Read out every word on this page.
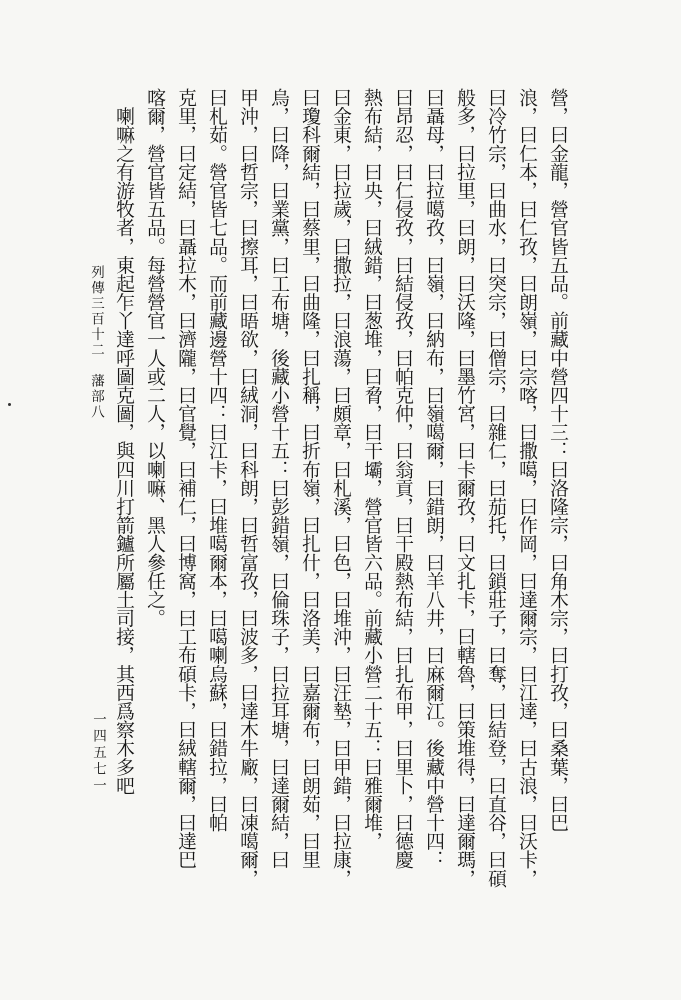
列傳三百十二　藩部八
一四五七一	營，曰金龍，營官皆五品。前藏中營四十三：曰洛隆宗，曰角木宗，曰打孜，曰桑葉，曰巴
浪，曰仁本，曰仁孜，曰朗嶺，曰宗喀，曰撒噶，曰作岡，曰達爾宗，曰江達，曰古浪，曰沃卡，
曰冷竹宗，曰曲水，曰突宗，曰僧宗，曰雜仁，曰茄托，曰鎖莊子，曰奪，曰結登，曰直谷，曰碩
般多，曰拉里，曰朗，曰沃隆，曰墨竹宮，曰卡爾孜，曰文扎卡，曰轄魯，曰策堆得，曰達爾瑪，
曰聶母，曰拉噶孜，曰嶺，曰納布，曰嶺噶爾，曰錯朗，曰羊八井，曰麻爾江。後藏中營十四：
曰昂忍，曰仁侵孜，曰結侵孜，曰帕克仲，曰翁貢，曰干殿熱布結，曰扎布甲，曰里卜，曰德慶
熱布結，曰央，曰絨錯，曰葱堆，曰脅，曰干壩，營官皆六品。前藏小營二十五：曰雅爾堆，
曰金東，曰拉歲，曰撒拉，曰浪蕩，曰頗章，曰札溪，曰色，曰堆沖，曰汪墊，曰甲錯，曰拉康，
曰瓊科爾結，曰蔡里，曰曲隆，曰扎稱，曰折布嶺，曰扎什，曰洛美，曰嘉爾布，曰朗茹，曰里
烏，曰降，曰業黨，曰工布塘，後藏小營十五：曰彭錯嶺，曰倫珠子，曰拉耳塘，曰達爾結，曰
甲沖，曰哲宗，曰擦耳，曰晤欲，曰絨洞，曰科朗，曰哲富孜，曰波多，曰達木牛廠，曰凍噶爾，
曰札茹。營官皆七品。而前藏邊營十四：曰江卡，曰堆噶爾本，曰噶喇烏蘇，曰錯拉，曰帕
克里，曰定結，曰聶拉木，曰濟隴，曰官覺，曰補仁，曰博窩，曰工布碩卡，曰絨轄爾，曰達巴
喀爾，營官皆五品。每營營官一人或二人，以喇嘛、黑人參任之。
　喇嘛之有游牧者，東起乍丫達呼圖克圖，與四川打箭鑪所屬土司接，其西爲察木多吧
